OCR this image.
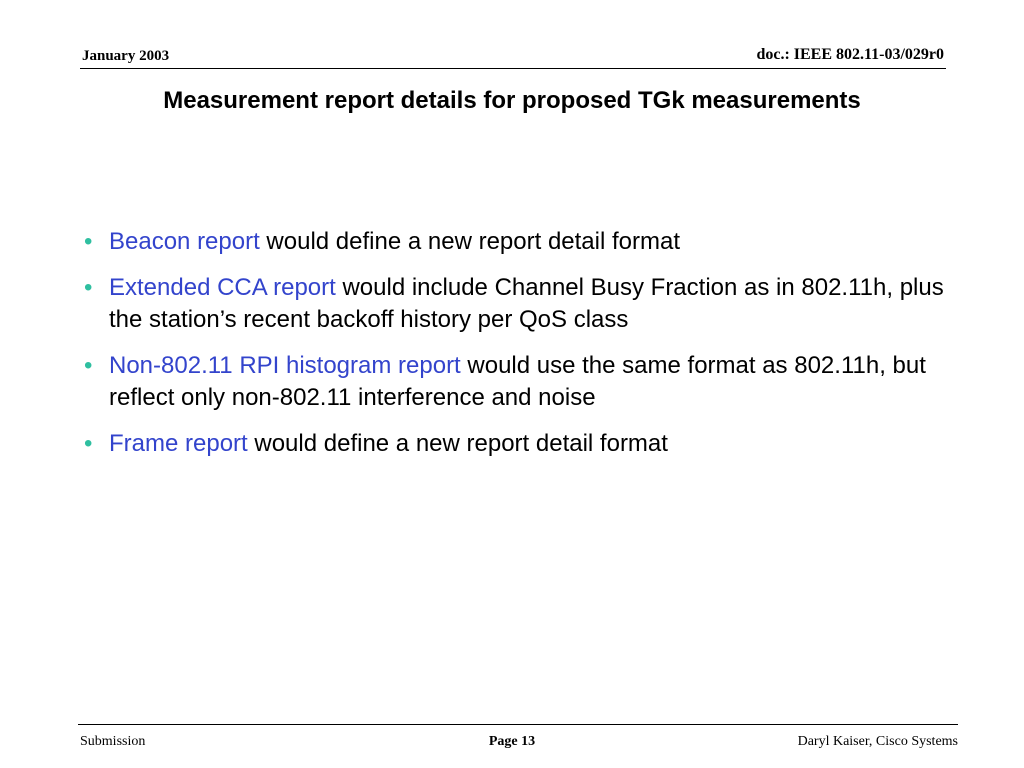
January 2003	doc.: IEEE 802.11-03/029r0
Measurement report details for proposed TGk measurements
• Beacon report would define a new report detail format
• Extended CCA report would include Channel Busy Fraction as in 802.11h, plus the station’s recent backoff history per QoS class
• Non-802.11 RPI histogram report would use the same format as 802.11h, but reflect only non-802.11 interference and noise
• Frame report would define a new report detail format
Submission	Page 13	Daryl Kaiser, Cisco Systems
